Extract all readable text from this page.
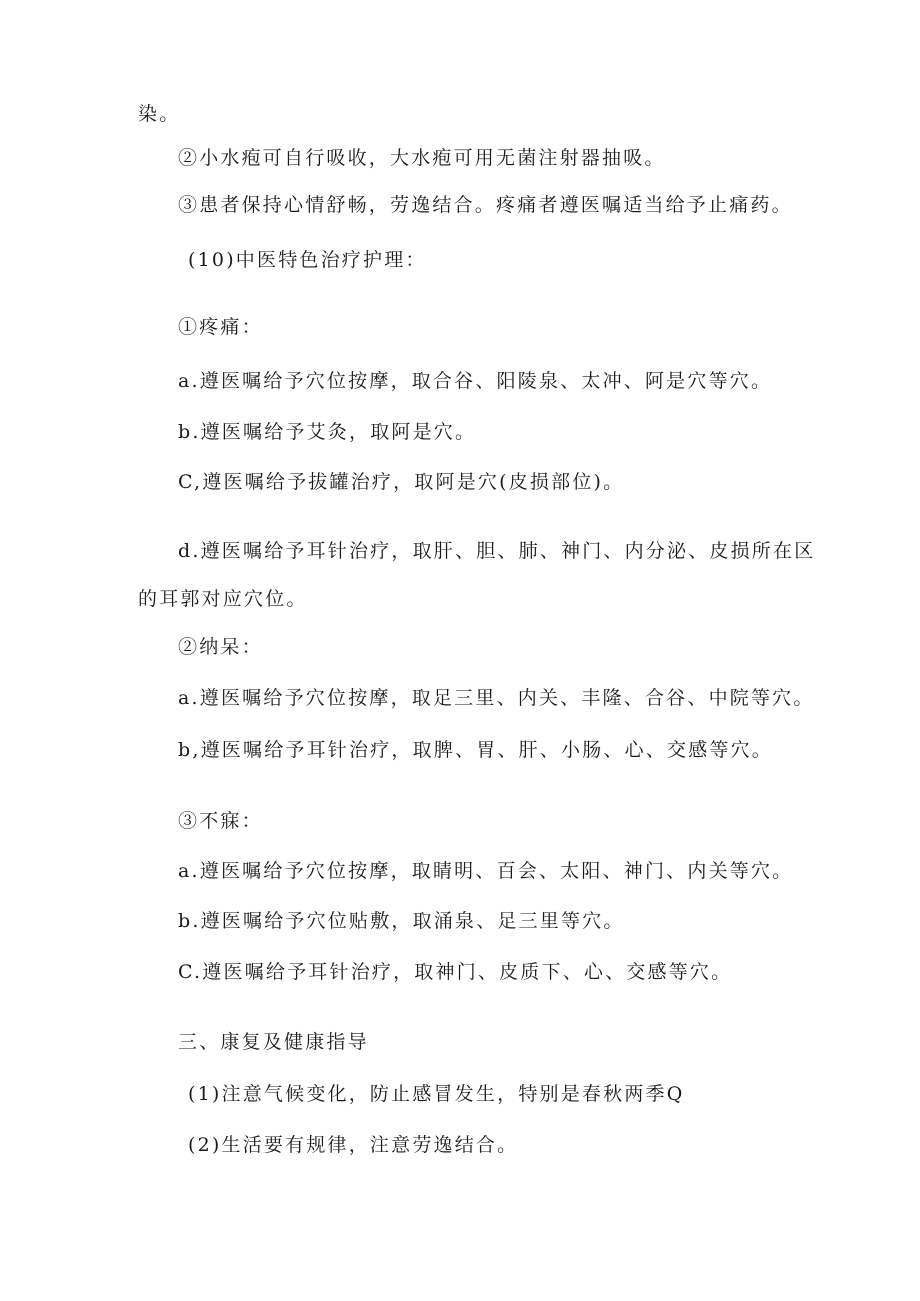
染。
②小水疱可自行吸收，大水疱可用无菌注射器抽吸。
③患者保持心情舒畅，劳逸结合。疼痛者遵医嘱适当给予止痛药。
(10)中医特色治疗护理：
①疼痛：
a.遵医嘱给予穴位按摩，取合谷、阳陵泉、太冲、阿是穴等穴。
b.遵医嘱给予艾灸，取阿是穴。
C,遵医嘱给予拔罐治疗，取阿是穴(皮损部位)。
d.遵医嘱给予耳针治疗，取肝、胆、肺、神门、内分泌、皮损所在区
的耳郭对应穴位。
②纳呆：
a.遵医嘱给予穴位按摩，取足三里、内关、丰隆、合谷、中院等穴。
b,遵医嘱给予耳针治疗，取脾、胃、肝、小肠、心、交感等穴。
③不寐：
a.遵医嘱给予穴位按摩，取睛明、百会、太阳、神门、内关等穴。
b.遵医嘱给予穴位贴敷，取涌泉、足三里等穴。
C.遵医嘱给予耳针治疗，取神门、皮质下、心、交感等穴。
三、康复及健康指导
(1)注意气候变化，防止感冒发生，特别是春秋两季Q
(2)生活要有规律，注意劳逸结合。
